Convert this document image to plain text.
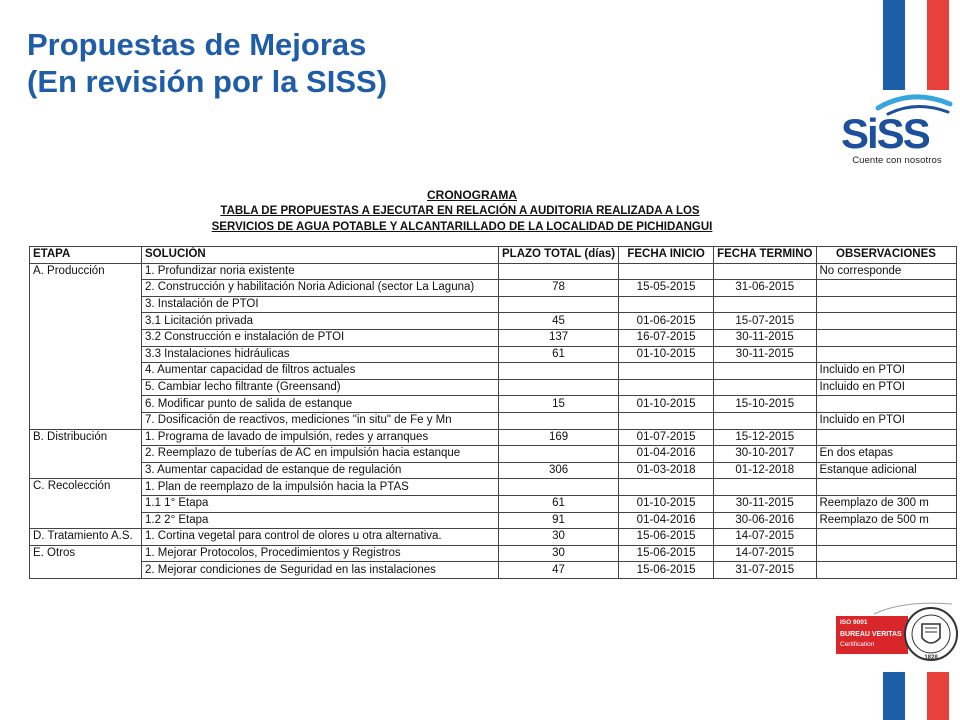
Propuestas de Mejoras
(En revisión por la SISS)
SiSS
Cuente con nosotros
CRONOGRAMA
TABLA DE PROPUESTAS A EJECUTAR EN RELACIÓN A AUDITORIA REALIZADA A LOS
SERVICIOS DE AGUA POTABLE Y ALCANTARILLADO DE LA LOCALIDAD DE PICHIDANGUI
ETAPA	SOLUCIÓN	PLAZO TOTAL (días)	FECHA INICIO	FECHA TERMINO	OBSERVACIONES
A. Producción	1. Profundizar noria existente				No corresponde
	2. Construcción y habilitación Noria Adicional (sector La Laguna)	78	15-05-2015	31-06-2015	
	3. Instalación de PTOI				
	3.1 Licitación privada	45	01-06-2015	15-07-2015	
	3.2 Construcción e instalación de PTOI	137	16-07-2015	30-11-2015	
	3.3 Instalaciones hidráulicas	61	01-10-2015	30-11-2015	
	4. Aumentar capacidad de filtros actuales				Incluido en PTOI
	5. Cambiar lecho filtrante (Greensand)				Incluido en PTOI
	6. Modificar punto de salida de estanque	15	01-10-2015	15-10-2015	
	7. Dosificación de reactivos, mediciones "in situ" de Fe y Mn				Incluido en PTOI
B. Distribución	1. Programa de lavado de impulsión, redes y arranques	169	01-07-2015	15-12-2015	
	2. Reemplazo de tuberías de AC en impulsión hacia estanque		01-04-2016	30-10-2017	En dos etapas
	3. Aumentar capacidad de estanque de regulación	306	01-03-2018	01-12-2018	Estanque adicional
C. Recolección	1. Plan de reemplazo de la impulsión hacia la PTAS				
	1.1 1° Etapa	61	01-10-2015	30-11-2015	Reemplazo de 300 m
	1.2 2° Etapa	91	01-04-2016	30-06-2016	Reemplazo de 500 m
D. Tratamiento A.S.	1. Cortina vegetal para control de olores u otra alternativa.	30	15-06-2015	14-07-2015	
E. Otros	1. Mejorar Protocolos, Procedimientos y Registros	30	15-06-2015	14-07-2015	
	2. Mejorar condiciones de Seguridad en las instalaciones	47	15-06-2015	31-07-2015	
ISO 9001
BUREAU VERITAS
Certification
1828
